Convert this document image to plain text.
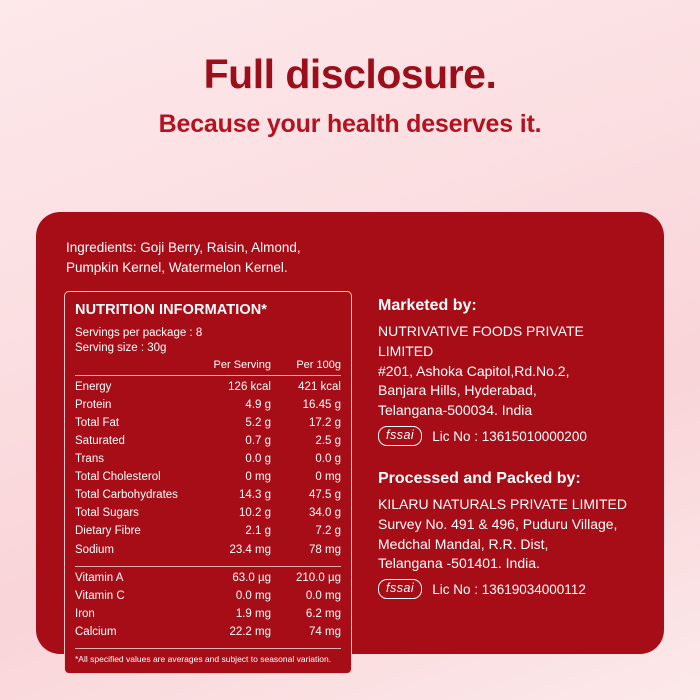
Full disclosure.
Because your health deserves it.

Ingredients: Goji Berry, Raisin, Almond, Pumpkin Kernel, Watermelon Kernel.

NUTRITION INFORMATION*
Servings per package : 8
Serving size : 30g
	Per Serving	Per 100g
Energy	126 kcal	421 kcal
Protein	4.9 g	16.45 g
Total Fat	5.2 g	17.2 g
Saturated	0.7 g	2.5 g
Trans	0.0 g	0.0 g
Total Cholesterol	0 mg	0 mg
Total Carbohydrates	14.3 g	47.5 g
Total Sugars	10.2 g	34.0 g
Dietary Fibre	2.1 g	7.2 g
Sodium	23.4 mg	78 mg

Vitamin A	63.0 µg	210.0 µg
Vitamin C	0.0 mg	0.0 mg
Iron	1.9 mg	6.2 mg
Calcium	22.2 mg	74 mg
*All specified values are averages and subject to seasonal variation.
Marketed by:
NUTRIVATIVE FOODS PRIVATE LIMITED
#201, Ashoka Capitol,Rd.No.2,
Banjara Hills, Hyderabad,
Telangana-500034. India
fssai	Lic No : 13615010000200
Processed and Packed by:
KILARU NATURALS PRIVATE LIMITED
Survey No. 491 & 496, Puduru Village,
Medchal Mandal, R.R. Dist,
Telangana -501401. India.
fssai	Lic No : 13619034000112
